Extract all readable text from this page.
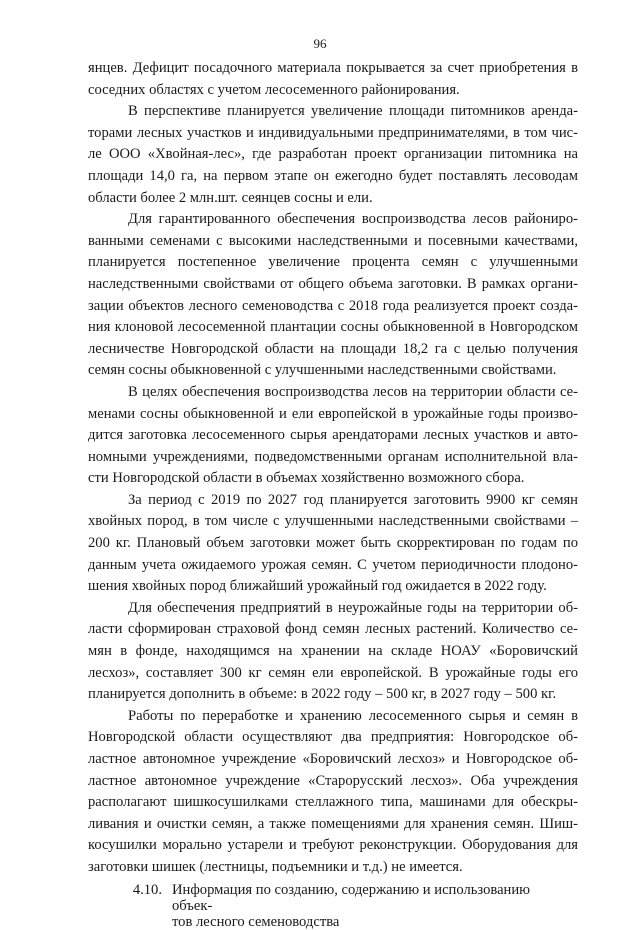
96

янцев. Дефицит посадочного материала покрывается за счет приобретения в

соседних областях с учетом лесосеменного районирования.

В перспективе планируется увеличение площади питомников аренда-

торами лесных участков и индивидуальными предпринимателями, в том чис-

ле ООО «Хвойная-лес», где разработан проект организации питомника на

площади 14,0 га, на первом этапе он ежегодно будет поставлять лесоводам

области более 2 млн.шт. сеянцев сосны и ели.

Для гарантированного обеспечения воспроизводства лесов райониро-

ванными семенами с высокими наследственными и посевными качествами,

планируется постепенное увеличение процента семян с улучшенными

наследственными свойствами от общего объема заготовки. В рамках органи-

зации объектов лесного семеноводства с 2018 года реализуется проект созда-

ния клоновой лесосеменной плантации сосны обыкновенной в Новгородском

лесничестве Новгородской области на площади 18,2 га с целью получения

семян сосны обыкновенной с улучшенными наследственными свойствами.

В целях обеспечения воспроизводства лесов на территории области се-

менами сосны обыкновенной и ели европейской в урожайные годы произво-

дится заготовка лесосеменного сырья арендаторами лесных участков и авто-

номными учреждениями, подведомственными органам исполнительной вла-

сти Новгородской области в объемах хозяйственно возможного сбора.

За период с 2019 по 2027 год планируется заготовить 9900 кг семян

хвойных пород, в том числе с улучшенными наследственными свойствами –

200 кг. Плановый объем заготовки может быть скорректирован по годам по

данным учета ожидаемого урожая семян. С учетом периодичности плодоно-

шения хвойных пород ближайший урожайный год ожидается в 2022 году.

Для обеспечения предприятий в неурожайные годы на территории об-

ласти сформирован страховой фонд семян лесных растений. Количество се-

мян в фонде, находящимся на хранении на складе НОАУ «Боровичский

лесхоз», составляет 300 кг семян ели европейской. В урожайные годы его

планируется дополнить в объеме: в 2022 году – 500 кг, в 2027 году – 500 кг.

Работы по переработке и хранению лесосеменного сырья и семян в

Новгородской области осуществляют два предприятия: Новгородское об-

ластное автономное учреждение «Боровичский лесхоз» и Новгородское об-

ластное автономное учреждение «Старорусский лесхоз». Оба учреждения

располагают шишкосушилками стеллажного типа, машинами для обескры-

ливания и очистки семян, а также помещениями для хранения семян. Шиш-

косушилки морально устарели и требуют реконструкции. Оборудования для

заготовки шишек (лестницы, подъемники и т.д.) не имеется.

4.10. Информация по созданию, содержанию и использованию объек-
тов лесного семеноводства
